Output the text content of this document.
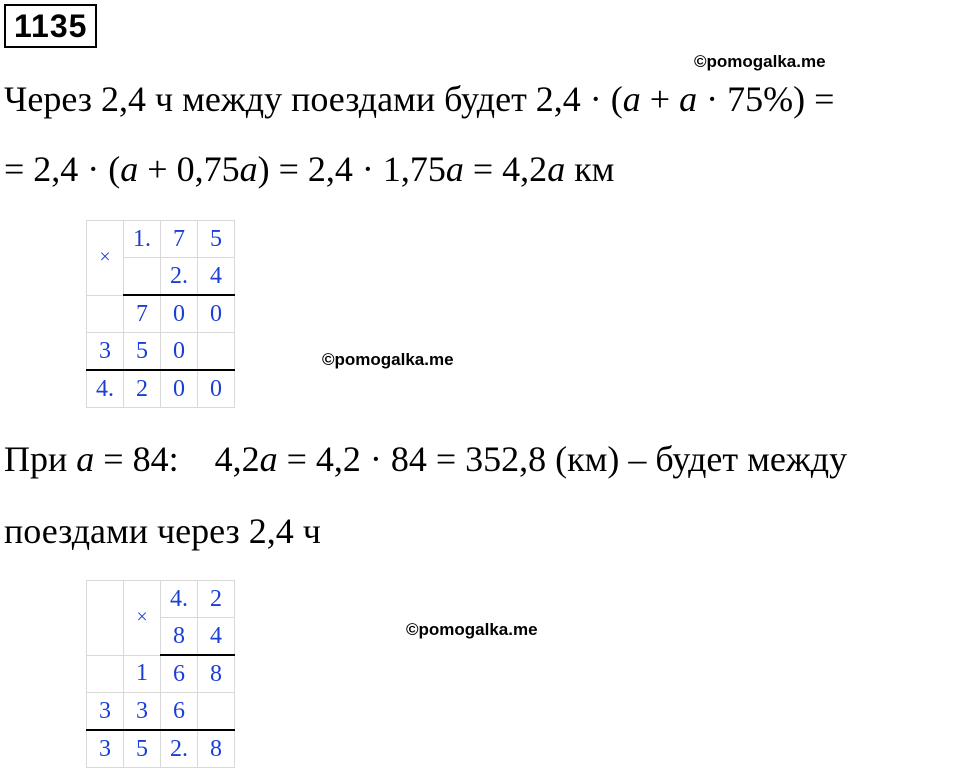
1135
©pomogalka.me
Через 2,4 ч между поездами будет 2,4 · (a + a · 75%) =
= 2,4 · (a + 0,75a) = 2,4 · 1,75a = 4,2a км
×	1.	7	5
		2.	4
	7	0	0
3	5	0	
4.	2	0	0
©pomogalka.me
При a = 84:    4,2a = 4,2 · 84 = 352,8 (км) – будет между
поездами через 2,4 ч
	×	4.	2
		8	4
	1	6	8
3	3	6	
3	5	2.	8
©pomogalka.me
